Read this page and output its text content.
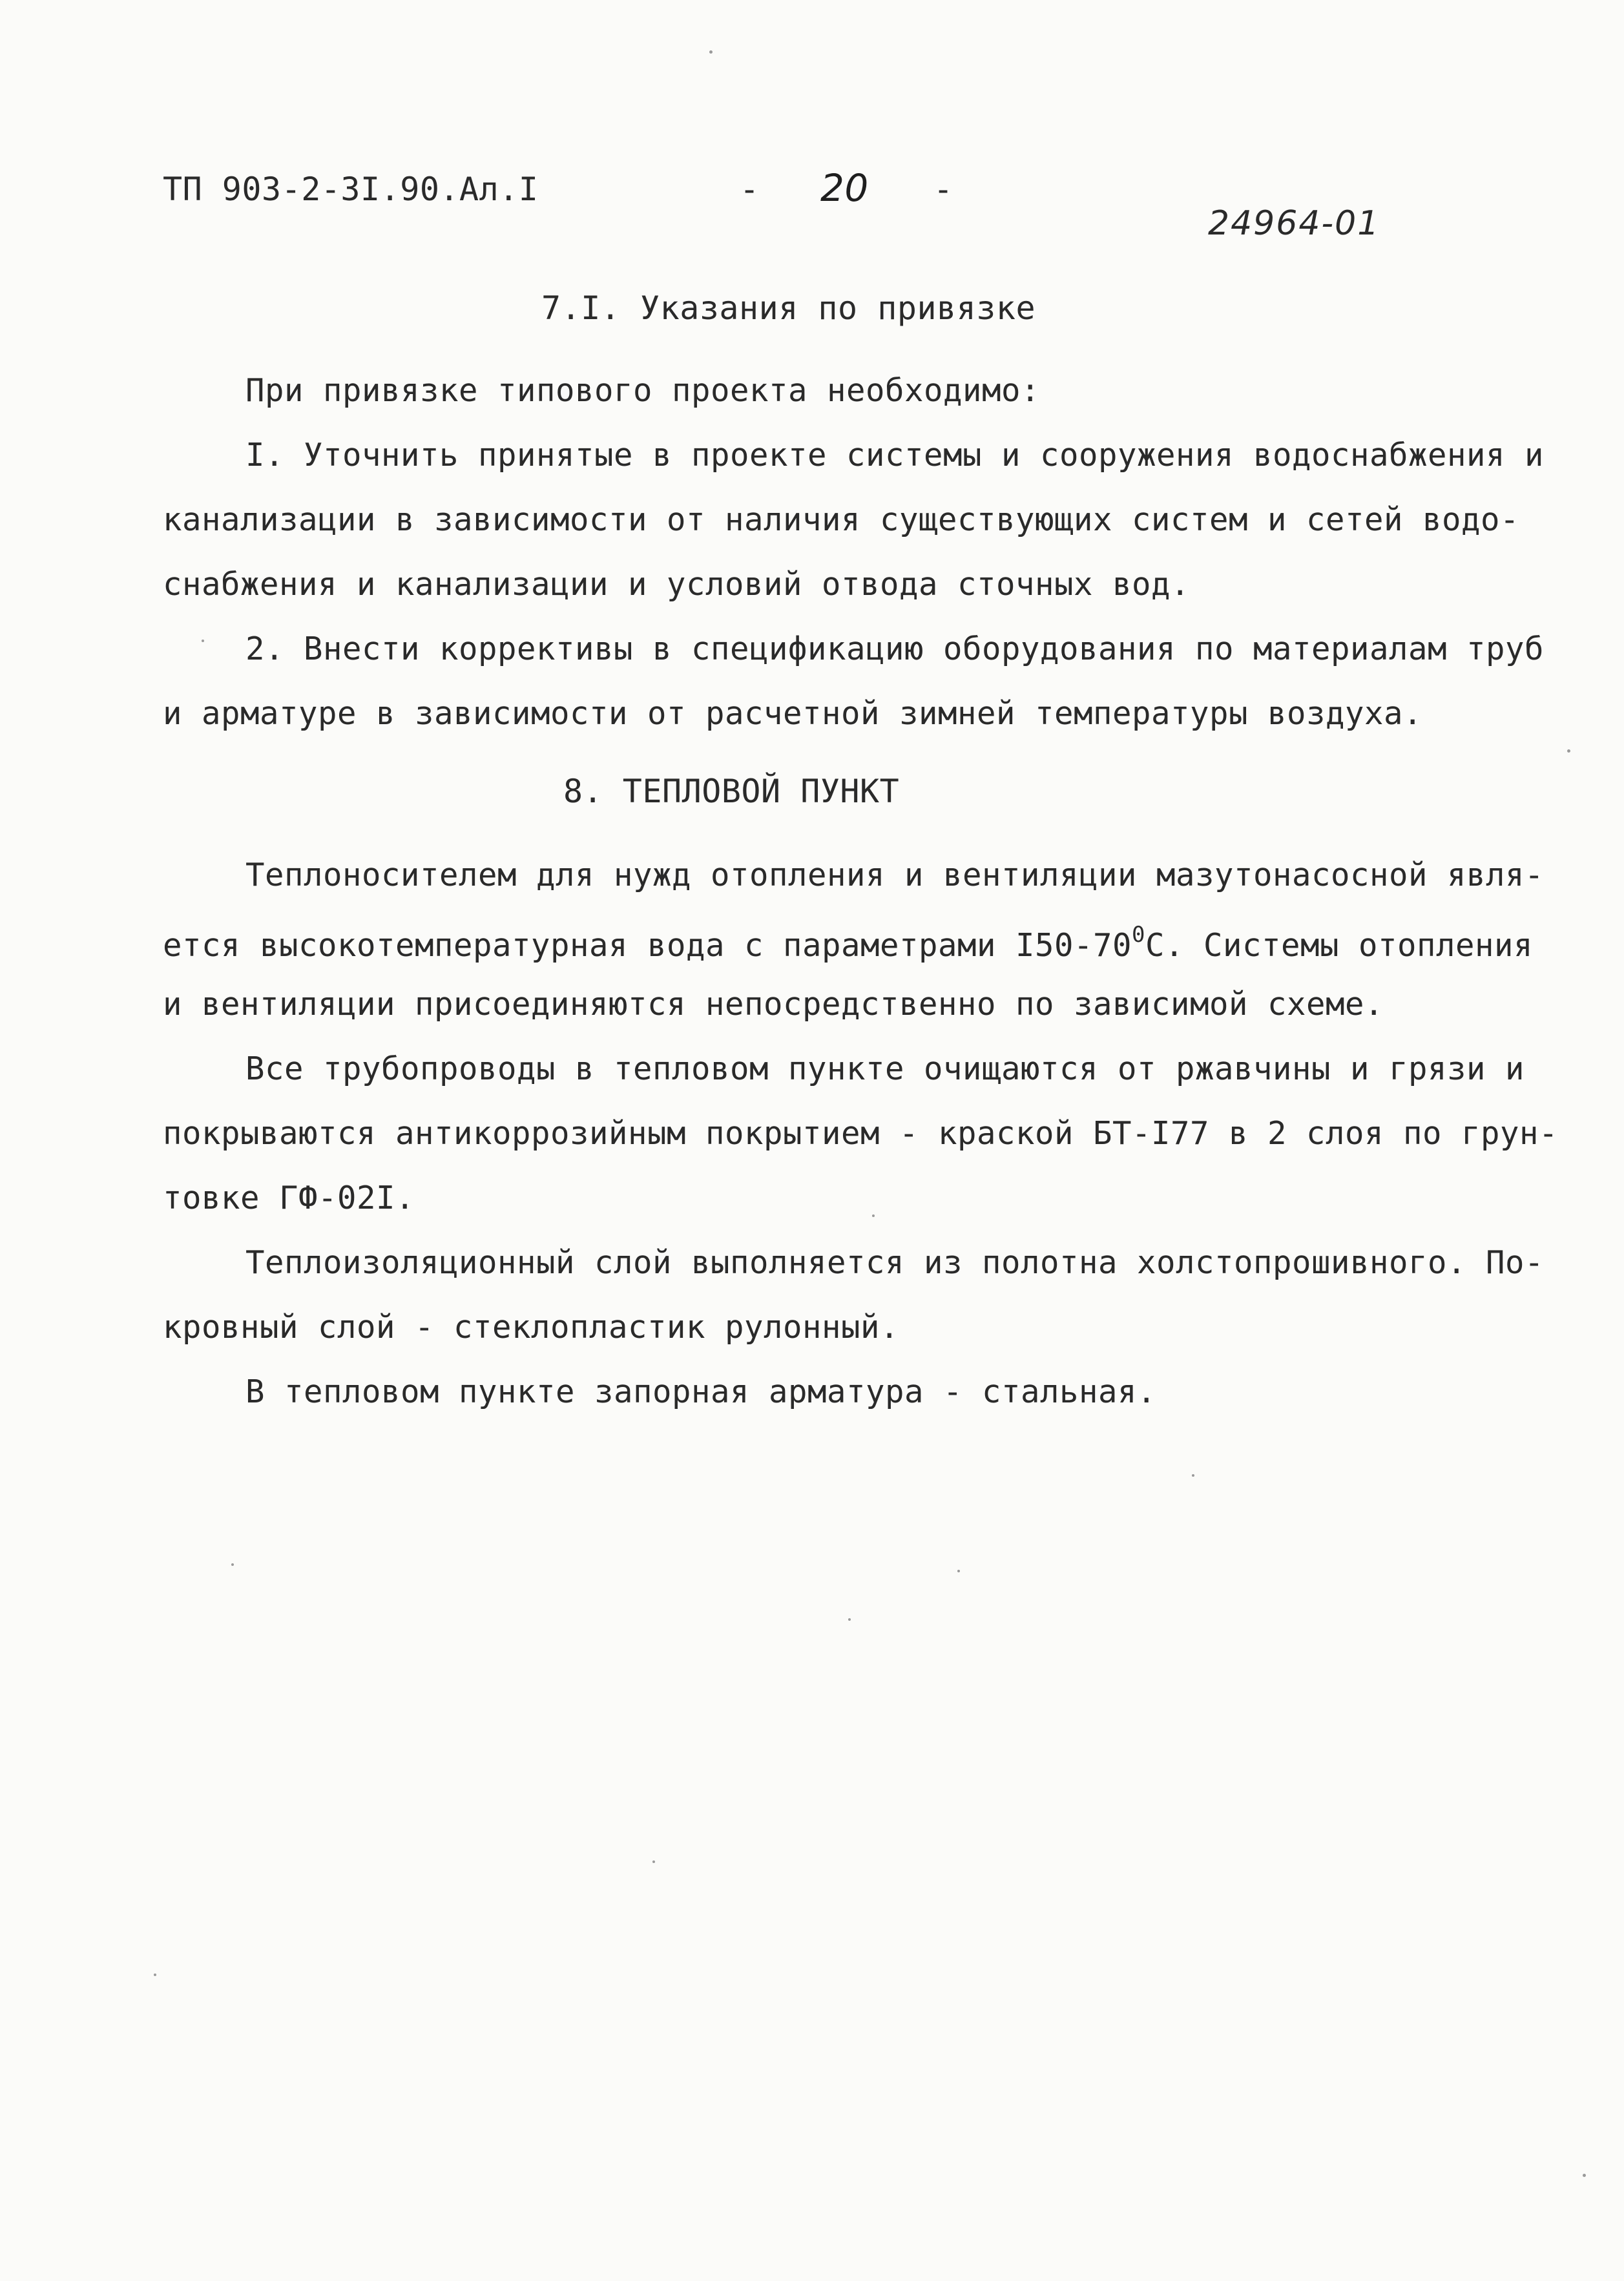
ТП 903-2-3I.90.Ал.I	- 20 -
24964-01
7.I. Указания по привязке
При привязке типового проекта необходимо:
I. Уточнить принятые в проекте системы и сооружения водоснабжения и
канализации в зависимости от наличия существующих систем и сетей водо-
снабжения и канализации и условий отвода сточных вод.
2. Внести коррективы в спецификацию оборудования по материалам труб
и арматуре в зависимости от расчетной зимней температуры воздуха.
8. ТЕПЛОВОЙ ПУНКТ
Теплоносителем для нужд отопления и вентиляции мазутонасосной явля-
ется высокотемпературная вода с параметрами $I50-70^0С$. Системы отопления
и вентиляции присоединяются непосредственно по зависимой схеме.
Все трубопроводы в тепловом пункте очищаются от ржавчины и грязи и
покрываются антикоррозийным покрытием - краской БТ-I77 в 2 слоя по грун-
товке ГФ-02I.
Теплоизоляционный слой выполняется из полотна холстопрошивного. По-
кровный слой - стеклопластик рулонный.
В тепловом пункте запорная арматура - стальная.
